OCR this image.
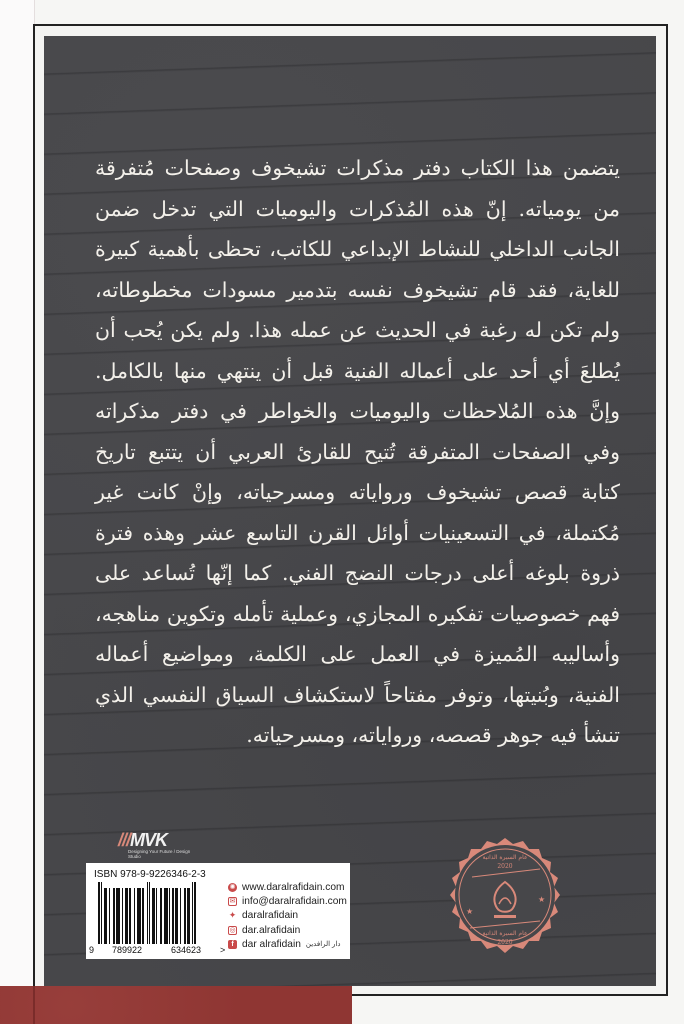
يتضمن هذا الكتاب دفتر مذكرات تشيخوف وصفحات مُتفرقة من يومياته. إنّ هذه المُذكرات واليوميات التي تدخل ضمن الجانب الداخلي للنشاط الإبداعي للكاتب، تحظى بأهمية كبيرة للغاية، فقد قام تشيخوف نفسه بتدمير مسودات مخطوطاته، ولم تكن له رغبة في الحديث عن عمله هذا. ولم يكن يُحب أن يُطلعَ أي أحد على أعماله الفنية قبل أن ينتهي منها بالكامل. وإنَّ هذه المُلاحظات واليوميات والخواطر في دفتر مذكراته وفي الصفحات المتفرقة تُتيح للقارئ العربي أن يتتبع تاريخ كتابة قصص تشيخوف ورواياته ومسرحياته، وإنْ كانت غير مُكتملة، في التسعينيات أوائل القرن التاسع عشر وهذه فترة ذروة بلوغه أعلى درجات النضج الفني. كما إنّها تُساعد على فهم خصوصيات تفكيره المجازي، وعملية تأمله وتكوين مناهجه، وأساليبه المُميزة في العمل على الكلمة، ومواضيع أعماله الفنية، وبُنيتها، وتوفر مفتاحاً لاستكشاف السياق النفسي الذي تنشأ فيه جوهر قصصه، ورواياته، ومسرحياته.

///MVK
Designing Your Future / Design Studio
ISBN 978-9-9226346-2-3
9 789922	634623 >
✺ www.daralrafidain.com
✉ info@daralrafidain.com
✦ daralrafidain
◎ dar.alrafidain
f dar alrafidain دار الرافدين
عام السيرة الذاتية
2020
★
★
عام السيرة الذاتية
2020
